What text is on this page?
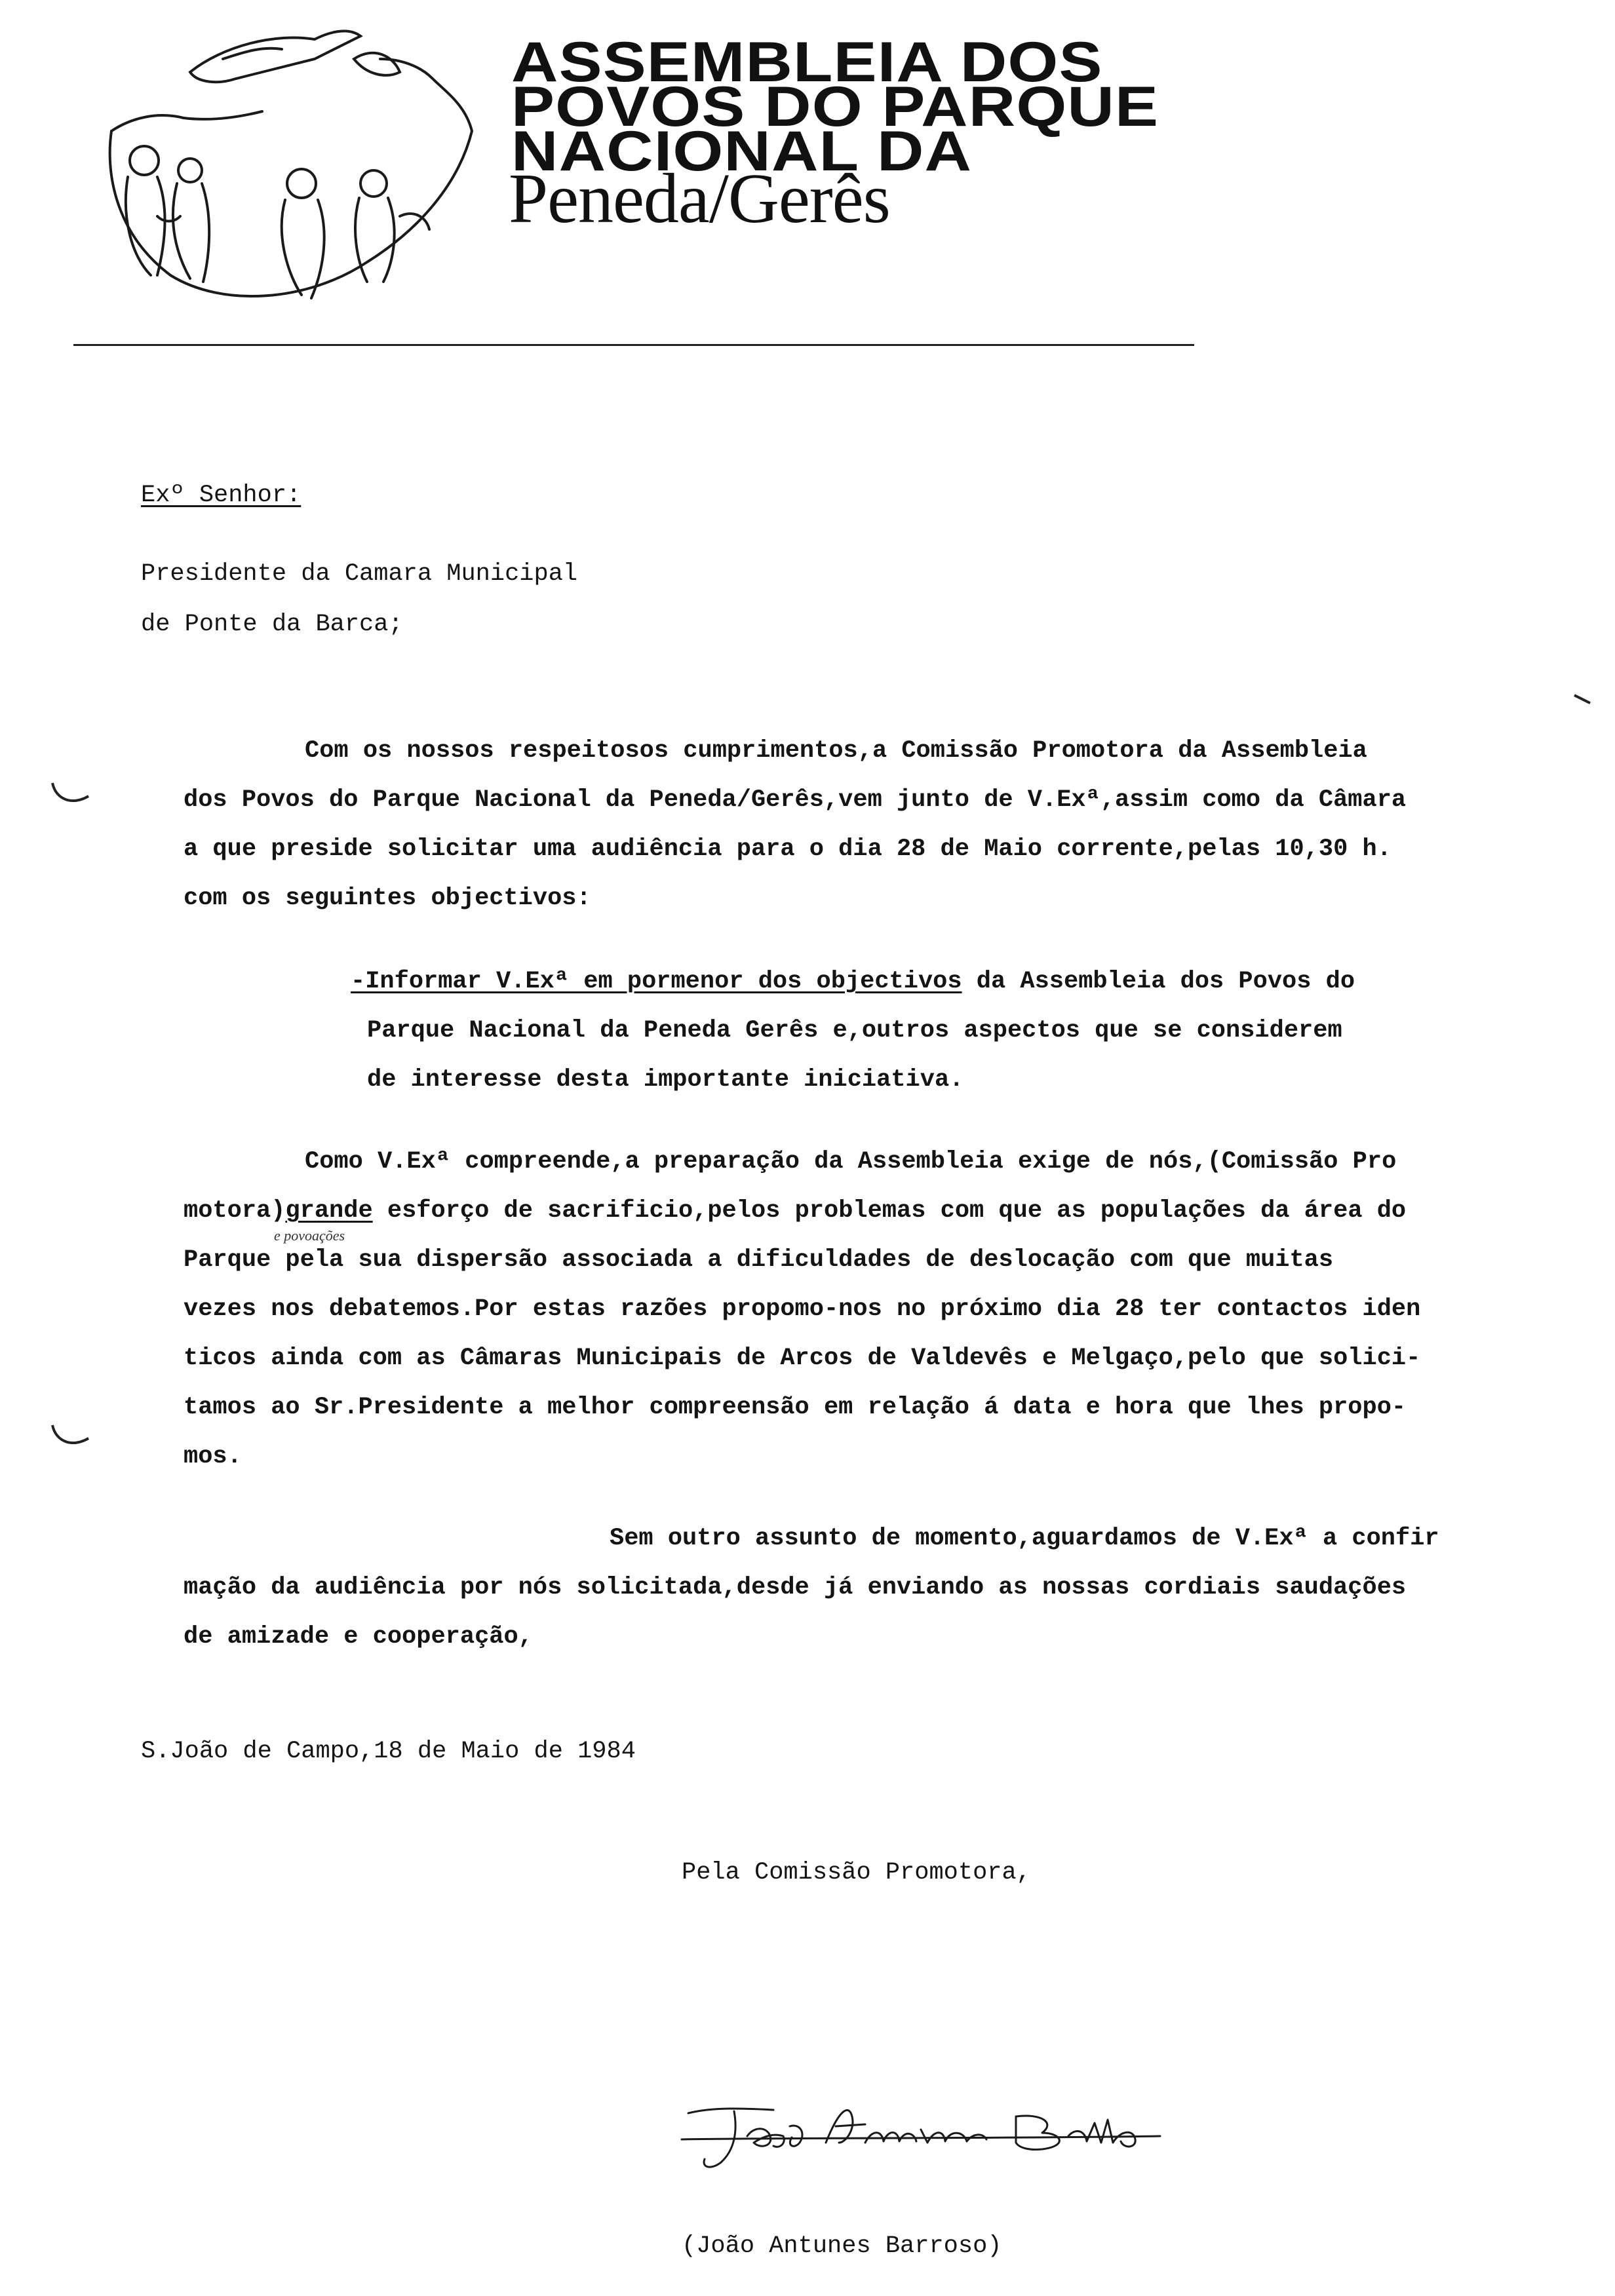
ASSEMBLEIA DOS
POVOS DO PARQUE
NACIONAL DA
Peneda/Gerês
Exº Senhor:
Presidente da Camara Municipal
de Ponte da Barca;
Com os nossos respeitosos cumprimentos,a Comissão Promotora da Assembleia
dos Povos do Parque Nacional da Peneda/Gerês,vem junto de V.Exª,assim como da Câmara
a que preside solicitar uma audiência para o dia 28 de Maio corrente,pelas 10,30 h.
com os seguintes objectivos:
-Informar V.Exª em pormenor dos objectivos da Assembleia dos Povos do
Parque Nacional da Peneda Gerês e,outros aspectos que se considerem
de interesse desta importante iniciativa.
Como V.Exª compreende,a preparação da Assembleia exige de nós,(Comissão Pro
motora)grande esforço de sacrificio,pelos problemas com que as populações da área do
e povoações
Parque pela sua dispersão associada a dificuldades de deslocação com que muitas
vezes nos debatemos.Por estas razões propomo-nos no próximo dia 28 ter contactos iden
ticos ainda com as Câmaras Municipais de Arcos de Valdevês e Melgaço,pelo que solici-
tamos ao Sr.Presidente a melhor compreensão em relação á data e hora que lhes propo-
mos.
Sem outro assunto de momento,aguardamos de V.Exª a confir
mação da audiência por nós solicitada,desde já enviando as nossas cordiais saudações
de amizade e cooperação,
S.João de Campo,18 de Maio de 1984
Pela Comissão Promotora,
(João Antunes Barroso)
